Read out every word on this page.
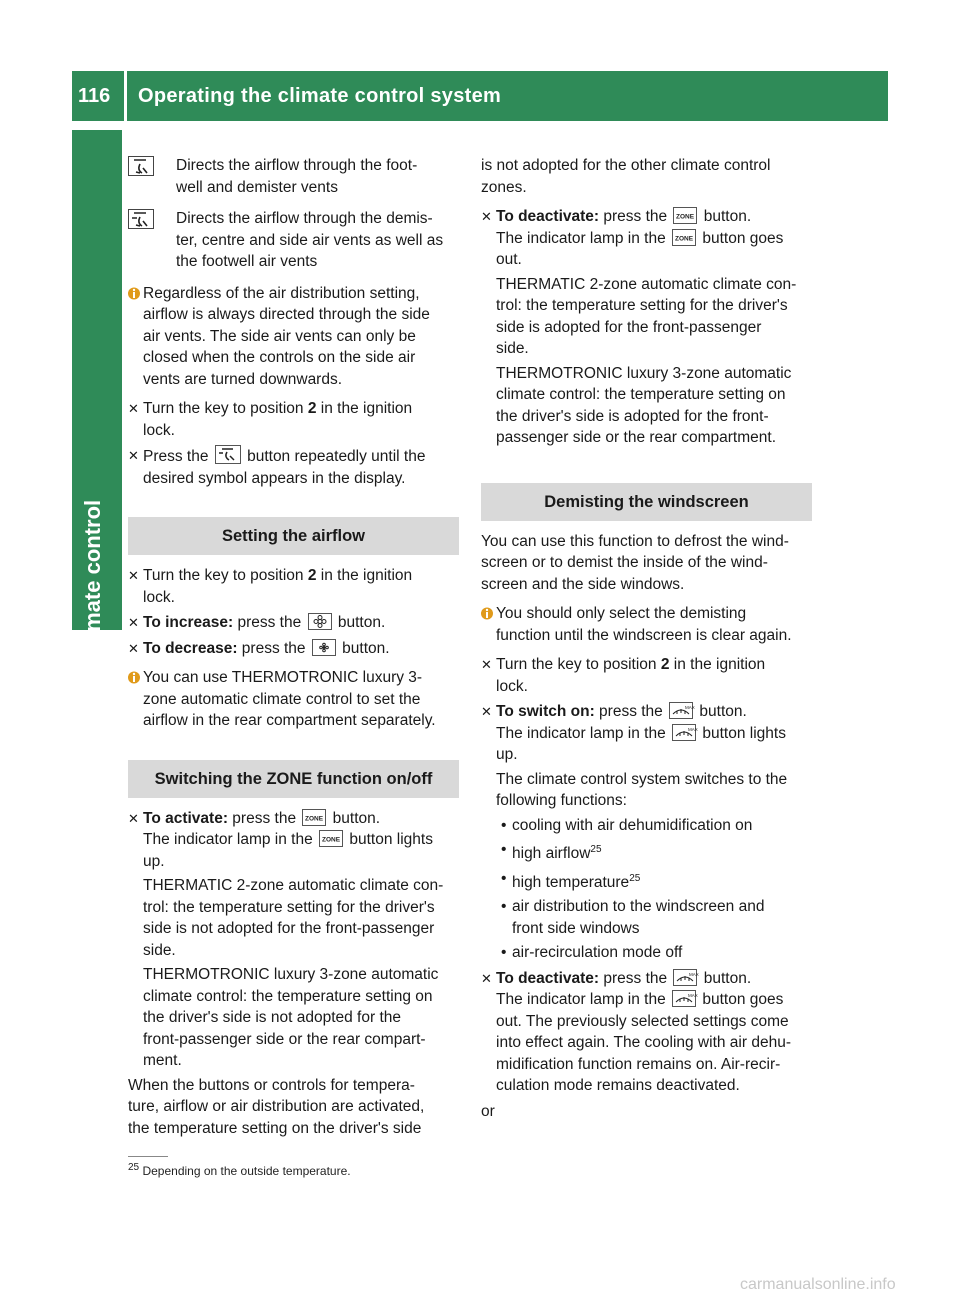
116 Operating the climate control system
Climate control

Directs the airflow through the foot-

well and demister vents

Directs the airflow through the demis-

ter, centre and side air vents as well as

the footwell air vents

Regardless of the air distribution setting,

airflow is always directed through the side

air vents. The side air vents can only be

closed when the controls on the side air

vents are turned downwards.

✕ Turn the key to position 2 in the ignition

lock.

✕ Press the
button repeatedly until the

desired symbol appears in the display.

Setting the airflow
✕ Turn the key to position 2 in the ignition

lock.

✕ To increase: press the
button.

✕ To decrease: press the
button.

You can use THERMOTRONIC luxury 3-

zone automatic climate control to set the

airflow in the rear compartment separately.

Switching the ZONE function on/off
✕ To activate: press the ZONE button.

The indicator lamp in the ZONE button lights

up.

THERMATIC 2-zone automatic climate con-

trol: the temperature setting for the driver's

side is not adopted for the front-passenger

side.

THERMOTRONIC luxury 3-zone automatic

climate control: the temperature setting on

the driver's side is not adopted for the

front-passenger side or the rear compart-

ment.

When the buttons or controls for tempera-

ture, airflow or air distribution are activated,

the temperature setting on the driver's side

is not adopted for the other climate control

zones.

✕ To deactivate: press the ZONE button.

The indicator lamp in the ZONE button goes

out.

THERMATIC 2-zone automatic climate con-

trol: the temperature setting for the driver's

side is adopted for the front-passenger

side.

THERMOTRONIC luxury 3-zone automatic

climate control: the temperature setting on

the driver's side is adopted for the front-

passenger side or the rear compartment.

Demisting the windscreen

You can use this function to defrost the wind-

screen or to demist the inside of the wind-

screen and the side windows.

You should only select the demisting

function until the windscreen is clear again.

✕ Turn the key to position 2 in the ignition

lock.

✕ To switch on: press the	MAX button.

The indicator lamp in the	MAX button lights

up.

The climate control system switches to the

following functions:

• cooling with air dehumidification on

• high airflow$^{25}$

• high temperature$^{25}$

• air distribution to the windscreen and

front side windows

• air-recirculation mode off

✕ To deactivate: press the	MAX button.

The indicator lamp in the	MAX button goes

out. The previously selected settings come

into effect again. The cooling with air dehu-

midification function remains on. Air-recir-

culation mode remains deactivated.

or

$^{25}$ Depending on the outside temperature.
carmanualsonline.info
